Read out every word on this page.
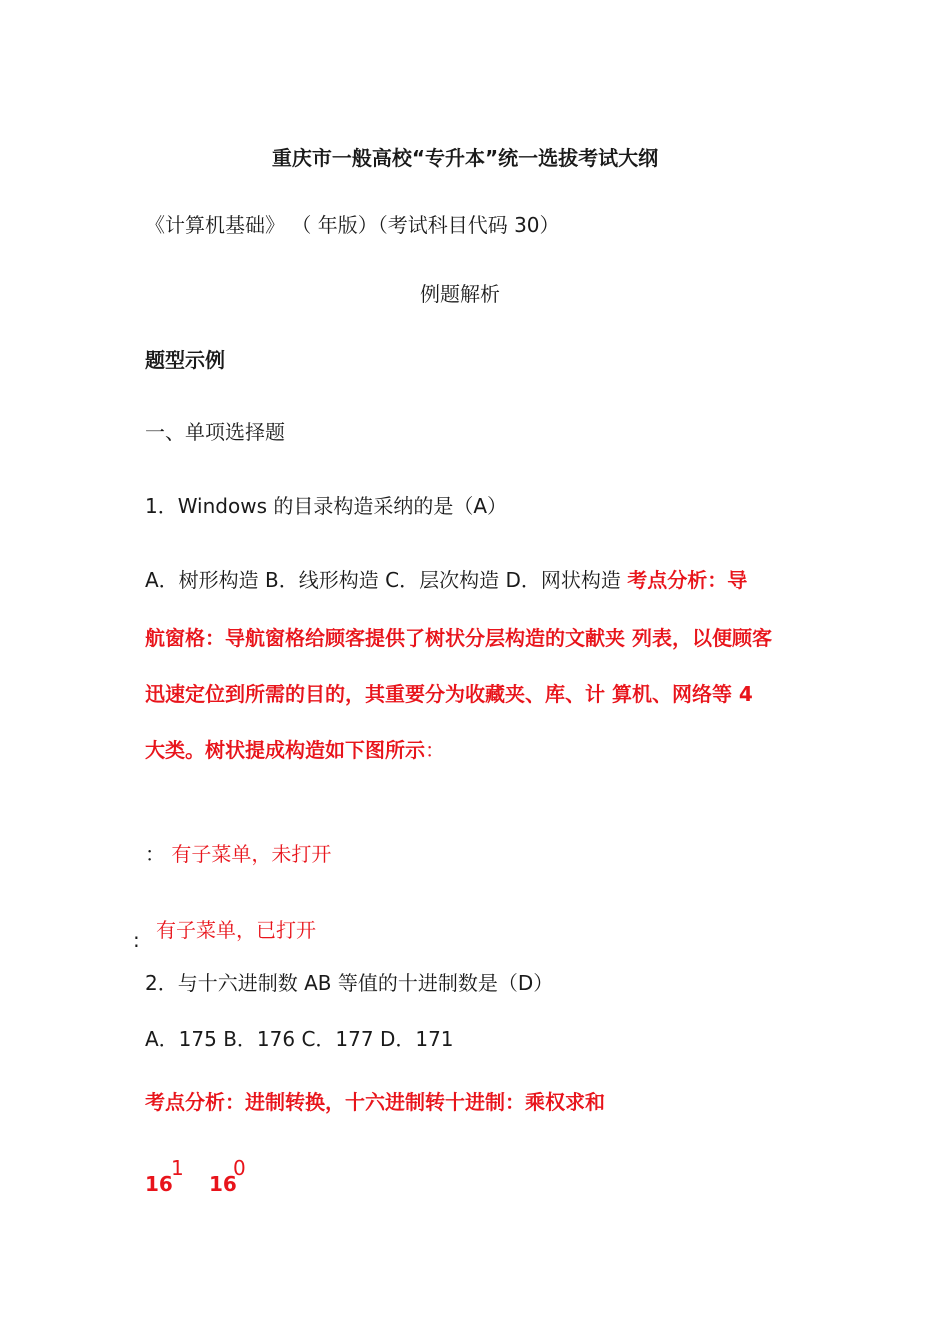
重庆市一般高校“专升本”统一选拔考试大纲
《计算机基础》 （ 年版）（考试科目代码 30）
例题解析
题型示例
一、单项选择题
1．Windows 的目录构造采纳的是（A）
A．树形构造 B．线形构造 C．层次构造 D．网状构造 考点分析：导
航窗格：导航窗格给顾客提供了树状分层构造的文献夹 列表，以便顾客
迅速定位到所需的目的，其重要分为收藏夹、库、计 算机、网络等 4
大类。树状提成构造如下图所示：
： 有子菜单，未打开
有子菜单，已打开
:
2．与十六进制数 AB 等值的十进制数是（D）
A．175 B．176 C．177 D．171
考点分析：进制转换，十六进制转十进制：乘权求和
16
1
16
0
